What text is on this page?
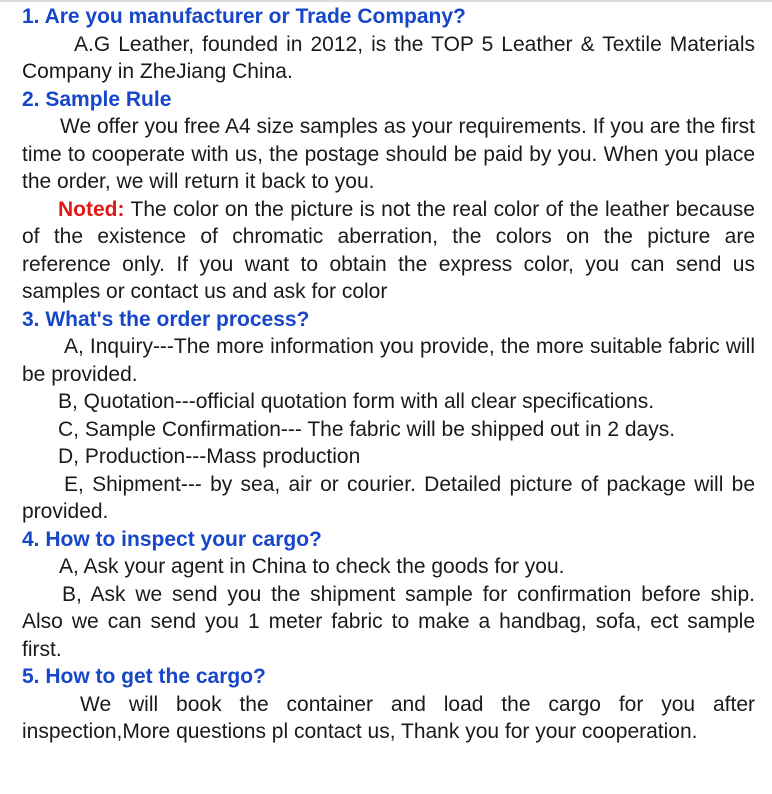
1. Are you manufacturer or Trade Company?

A.G Leather, founded in 2012, is the TOP 5 Leather & Textile Materials Company in ZheJiang China.

2. Sample Rule

We offer you free A4 size samples as your requirements. If you are the first time to cooperate with us, the postage should be paid by you. When you place the order, we will return it back to you.

Noted: The color on the picture is not the real color of the leather because of the existence of chromatic aberration, the colors on the picture are reference only. If you want to obtain the express color, you can send us samples or contact us and ask for color

3. What's the order process?

A, Inquiry---The more information you provide, the more suitable fabric will be provided.

B, Quotation---official quotation form with all clear specifications.

C, Sample Confirmation--- The fabric will be shipped out in 2 days.

D, Production---Mass production

E, Shipment--- by sea, air or courier. Detailed picture of package will be provided.

4. How to inspect your cargo?

A, Ask your agent in China to check the goods for you.

B, Ask we send you the shipment sample for confirmation before ship. Also we can send you 1 meter fabric to make a handbag, sofa, ect sample first.

5. How to get the cargo?

We will book the container and load the cargo for you after inspection,More questions pl contact us, Thank you for your cooperation.
